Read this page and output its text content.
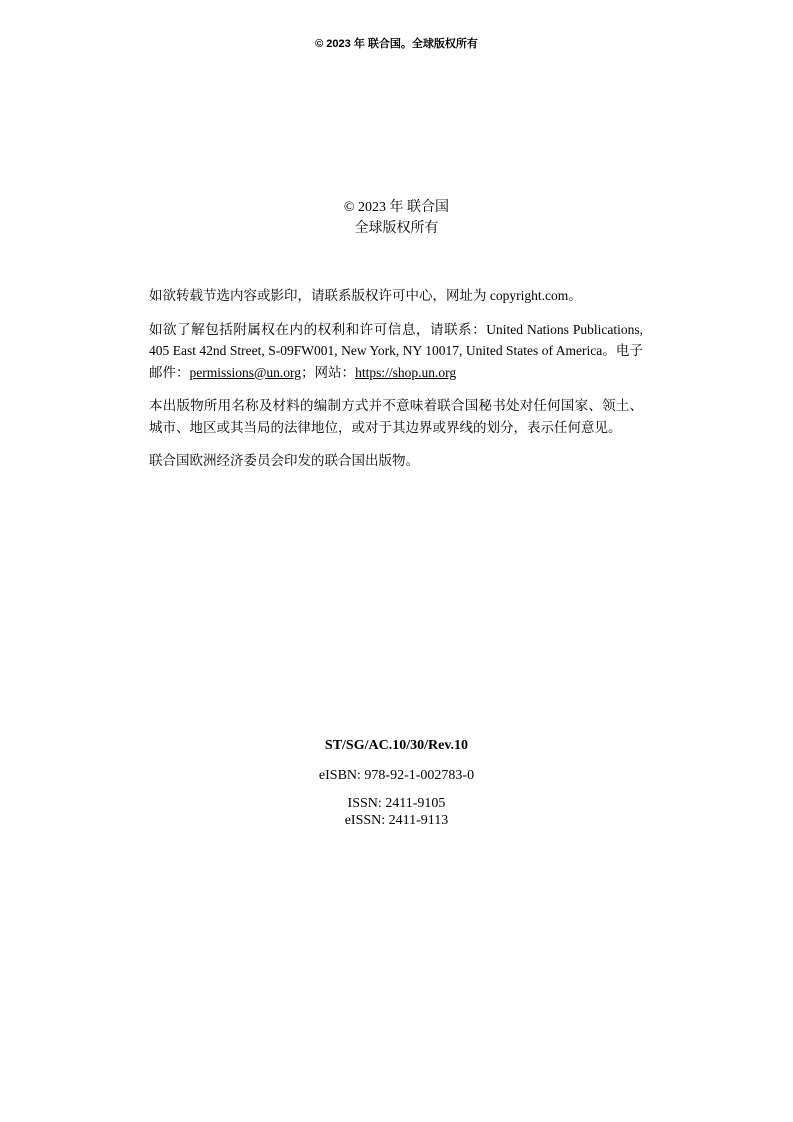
© 2023 年 联合国。全球版权所有
© 2023 年 联合国
全球版权所有

如欲转载节选内容或影印，请联系版权许可中心，网址为 copyright.com。

如欲了解包括附属权在内的权利和许可信息，请联系：United Nations Publications, 405 East 42nd Street, S-09FW001, New York, NY 10017, United States of America。电子邮件：permissions@un.org；网站：https://shop.un.org

本出版物所用名称及材料的编制方式并不意味着联合国秘书处对任何国家、领土、城市、地区或其当局的法律地位，或对于其边界或界线的划分，表示任何意见。

联合国欧洲经济委员会印发的联合国出版物。

ST/SG/AC.10/30/Rev.10
eISBN: 978-92-1-002783-0
ISSN: 2411-9105
eISSN: 2411-9113
